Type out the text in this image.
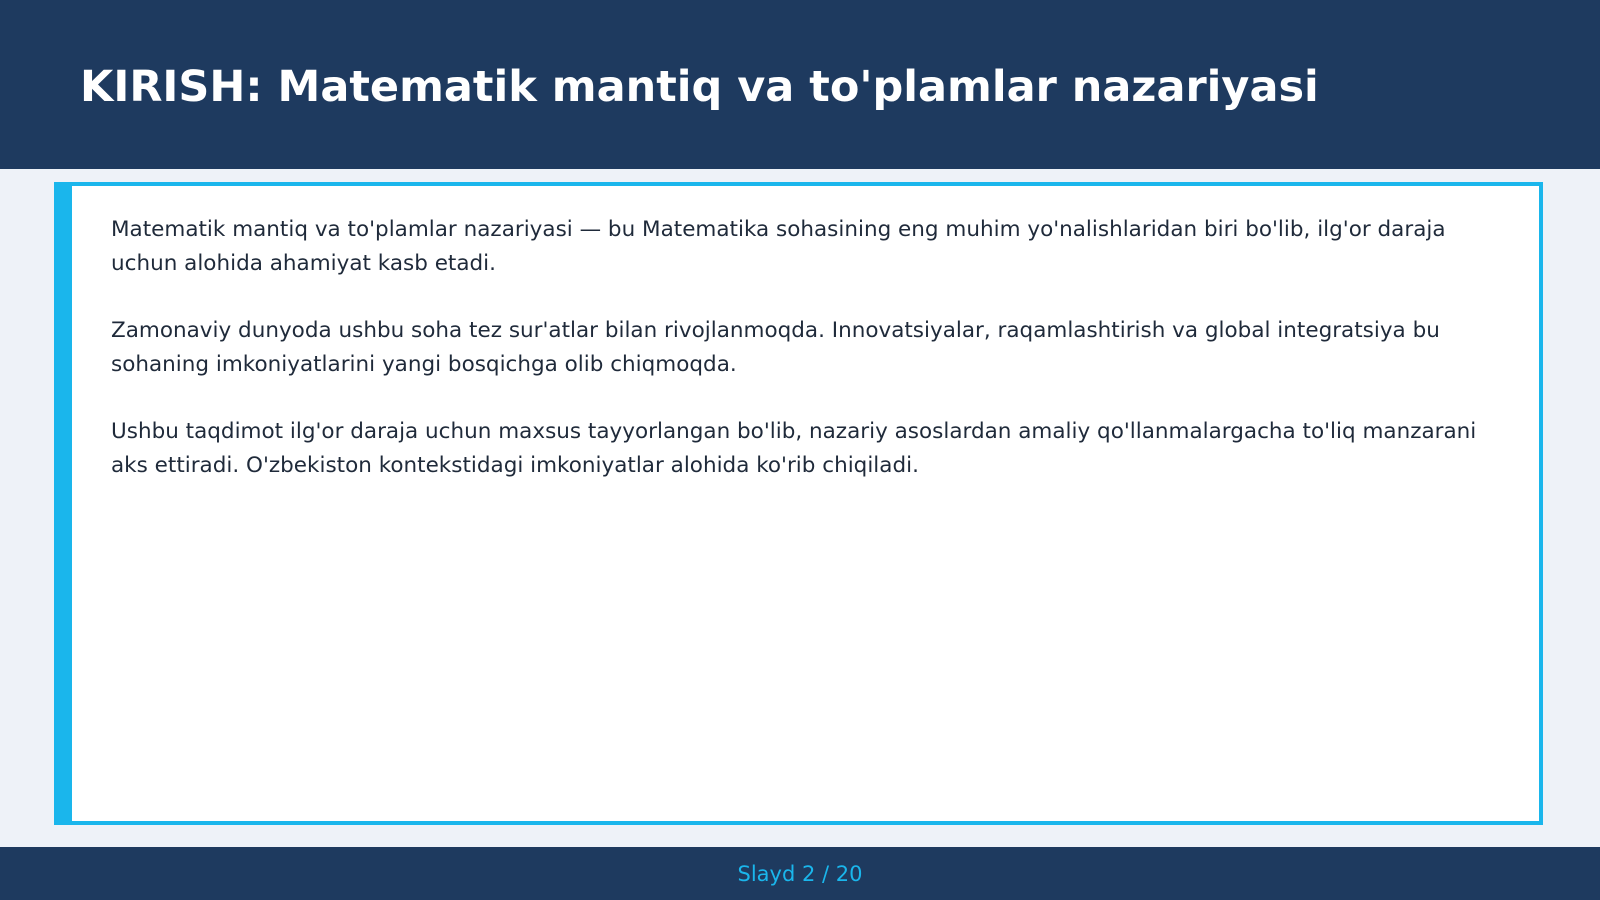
KIRISH: Matematik mantiq va to'plamlar nazariyasi

Matematik mantiq va to'plamlar nazariyasi — bu Matematika sohasining eng muhim yo'nalishlaridan biri bo'lib, ilg'or daraja uchun alohida ahamiyat kasb etadi.

Zamonaviy dunyoda ushbu soha tez sur'atlar bilan rivojlanmoqda. Innovatsiyalar, raqamlashtirish va global integratsiya bu sohaning imkoniyatlarini yangi bosqichga olib chiqmoqda.

Ushbu taqdimot ilg'or daraja uchun maxsus tayyorlangan bo'lib, nazariy asoslardan amaliy qo'llanmalargacha to'liq manzarani aks ettiradi. O'zbekiston kontekstidagi imkoniyatlar alohida ko'rib chiqiladi.

Slayd 2 / 20
